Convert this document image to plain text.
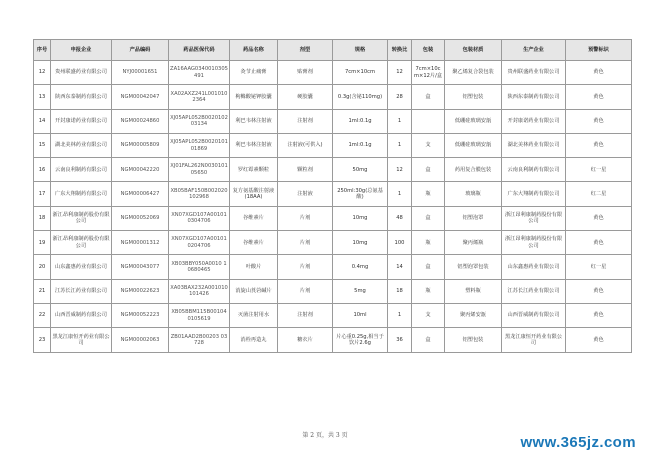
序号	申报企业	产品编码	药品医保代码	药品名称	剂型	规格	转换比	包装	包装材质	生产企业	预警标识
12	贵州联盛药业有限公司	NYJ00001651	ZA16AAG0340010305491	灸节止痛膏	贴膏剂	7cm×10cm	12	7cm×10cm×12片/盒	聚乙烯复合袋包装	贵州联盛药业有限公司	黄色
13	陕西东泰制药有限公司	NGM00042047	XA02AXZ241L001010 2364	枸橼酸铋钾胶囊	硬胶囊	0.3g(含铋110mg)	28	盒	铝塑包装	陕西东泰制药有限公司	黄色
14	开封康诺药业有限公司	NGM00024860	XJ05APL052B002010203134	利巴韦林注射液	注射剂	1ml:0.1g	1		低硼硅玻璃安瓿	开封康诺药业有限公司	黄色
15	湖北美林药业有限公司	NGM00005809	XJ05APL052B002010101869	利巴韦林注射液	注射液(可供入)	1ml:0.1g	1	支	低硼硅玻璃安瓿	湖北美林药业有限公司	黄色
16	云南良利制药有限公司	NGM00042220	XJ01FAL262N003010105650	罗红霉素颗粒	颗粒剂	50mg	12	盒	药用复合膜包装	云南良利制药有限公司	红一星
17	广东大翔制药有限公司	NGM00006427	XB05BAF150B002020102968	复方氨基酸注射液(18AA)	注射液	250ml:30g(总氨基酸)	1	瓶	玻璃瓶	广东大翔制药有限公司	红二星
18	浙江昂利康制药股份有限公司	NGM00052069	XN07XGD107A001010304706	谷维素片	片剂	10mg	48	盒	铝塑泡罩	浙江昂利康制药股份有限公司	黄色
19	浙江昂利康制药股份有限公司	NGM00001312	XN07XGD107A001010204706	谷维素片	片剂	10mg	100	瓶	聚丙烯瓶	浙江昂利康制药股份有限公司	黄色
20	山东鑫惠药业有限公司	NGM00043077	XB03BBY050A0010 10680465	叶酸片	片剂	0.4mg	14	盒	铝塑泡罩包装	山东鑫惠药业有限公司	红一星
21	江苏长江药业有限公司	NGM00022623	XA03BAX232A001010101426	消旋山莨菪碱片	片剂	5mg	18	瓶	塑料瓶	江苏长江药业有限公司	黄色
22	山西晋威制药有限公司	NGM00052223	XB05BBM115B001040105619	灭菌注射用水	注射剂	10ml	1	支	聚丙烯安瓿	山西晋威制药有限公司	黄色
23	黑龙江康恒开药业有限公司	NGM00002063	ZB01AAD2B00203 03728	消栓再造丸	糖衣片	片心重0.25g,相当于饮片2.6g	36	盒	铝塑包装	黑龙江康恒开药业有限公司	黄色
第 2 页，共 3 页	www.365jz.com
